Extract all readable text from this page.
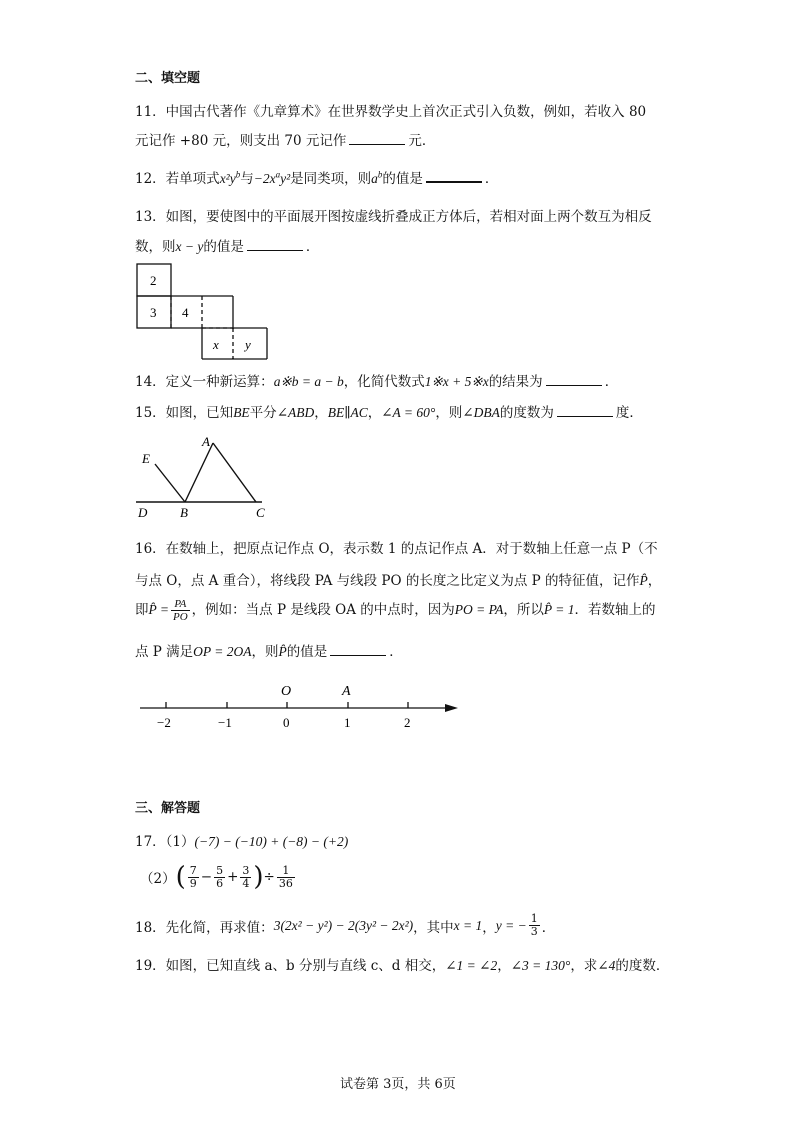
二、填空题
11．中国古代著作《九章算术》在世界数学史上首次正式引入负数，例如，若收入 80
元记作 +80 元，则支出 70 元记作	元．
12．若单项式$x^2y^b$与$-2x^ay^2$是同类项，则$a^b$的值是	．
13．如图，要使图中的平面展开图按虚线折叠成正方体后，若相对面上两个数互为相反
数，则x − y的值是	．
2
3 4
x y
14．定义一种新运算：a※b = a − b，化简代数式1※x + 5※x的结果为	．
15．如图，已知BE平分∠ABD，BE∥AC，∠A = 60°，则∠DBA的度数为	度．
E
A
D	B	C
16．在数轴上，把原点记作点 O，表示数 1 的点记作点 A．对于数轴上任意一点 P（不
与点 O，点 A 重合），将线段 PA 与线段 PO 的长度之比定义为点 P 的特征值，记作P̂，
即P̂ = $\frac{PA}{PO}$ ，例如：当点 P 是线段 OA 的中点时，因为PO = PA，所以P̂ = 1．若数轴上的
点 P 满足OP = 2OA，则P̂的值是	．
O	A
−2	−1	0	1	2
三、解答题
17．（1）(−7) − (−10) + (−8) − (+2)
（2） ( $\frac{7}{9} - \frac{5}{6} + \frac{3}{4}$ ) ÷ $\frac{1}{36}$
18．先化简，再求值： 3(2x² − y²) − 2(3y² − 2x²) ，其中 x = 1 ， y = − $\frac{1}{3}$ ．
19．如图，已知直线 a、b 分别与直线 c、d 相交，∠1 = ∠2，∠3 = 130°，求∠4的度数．
试卷第 3页，共 6页
